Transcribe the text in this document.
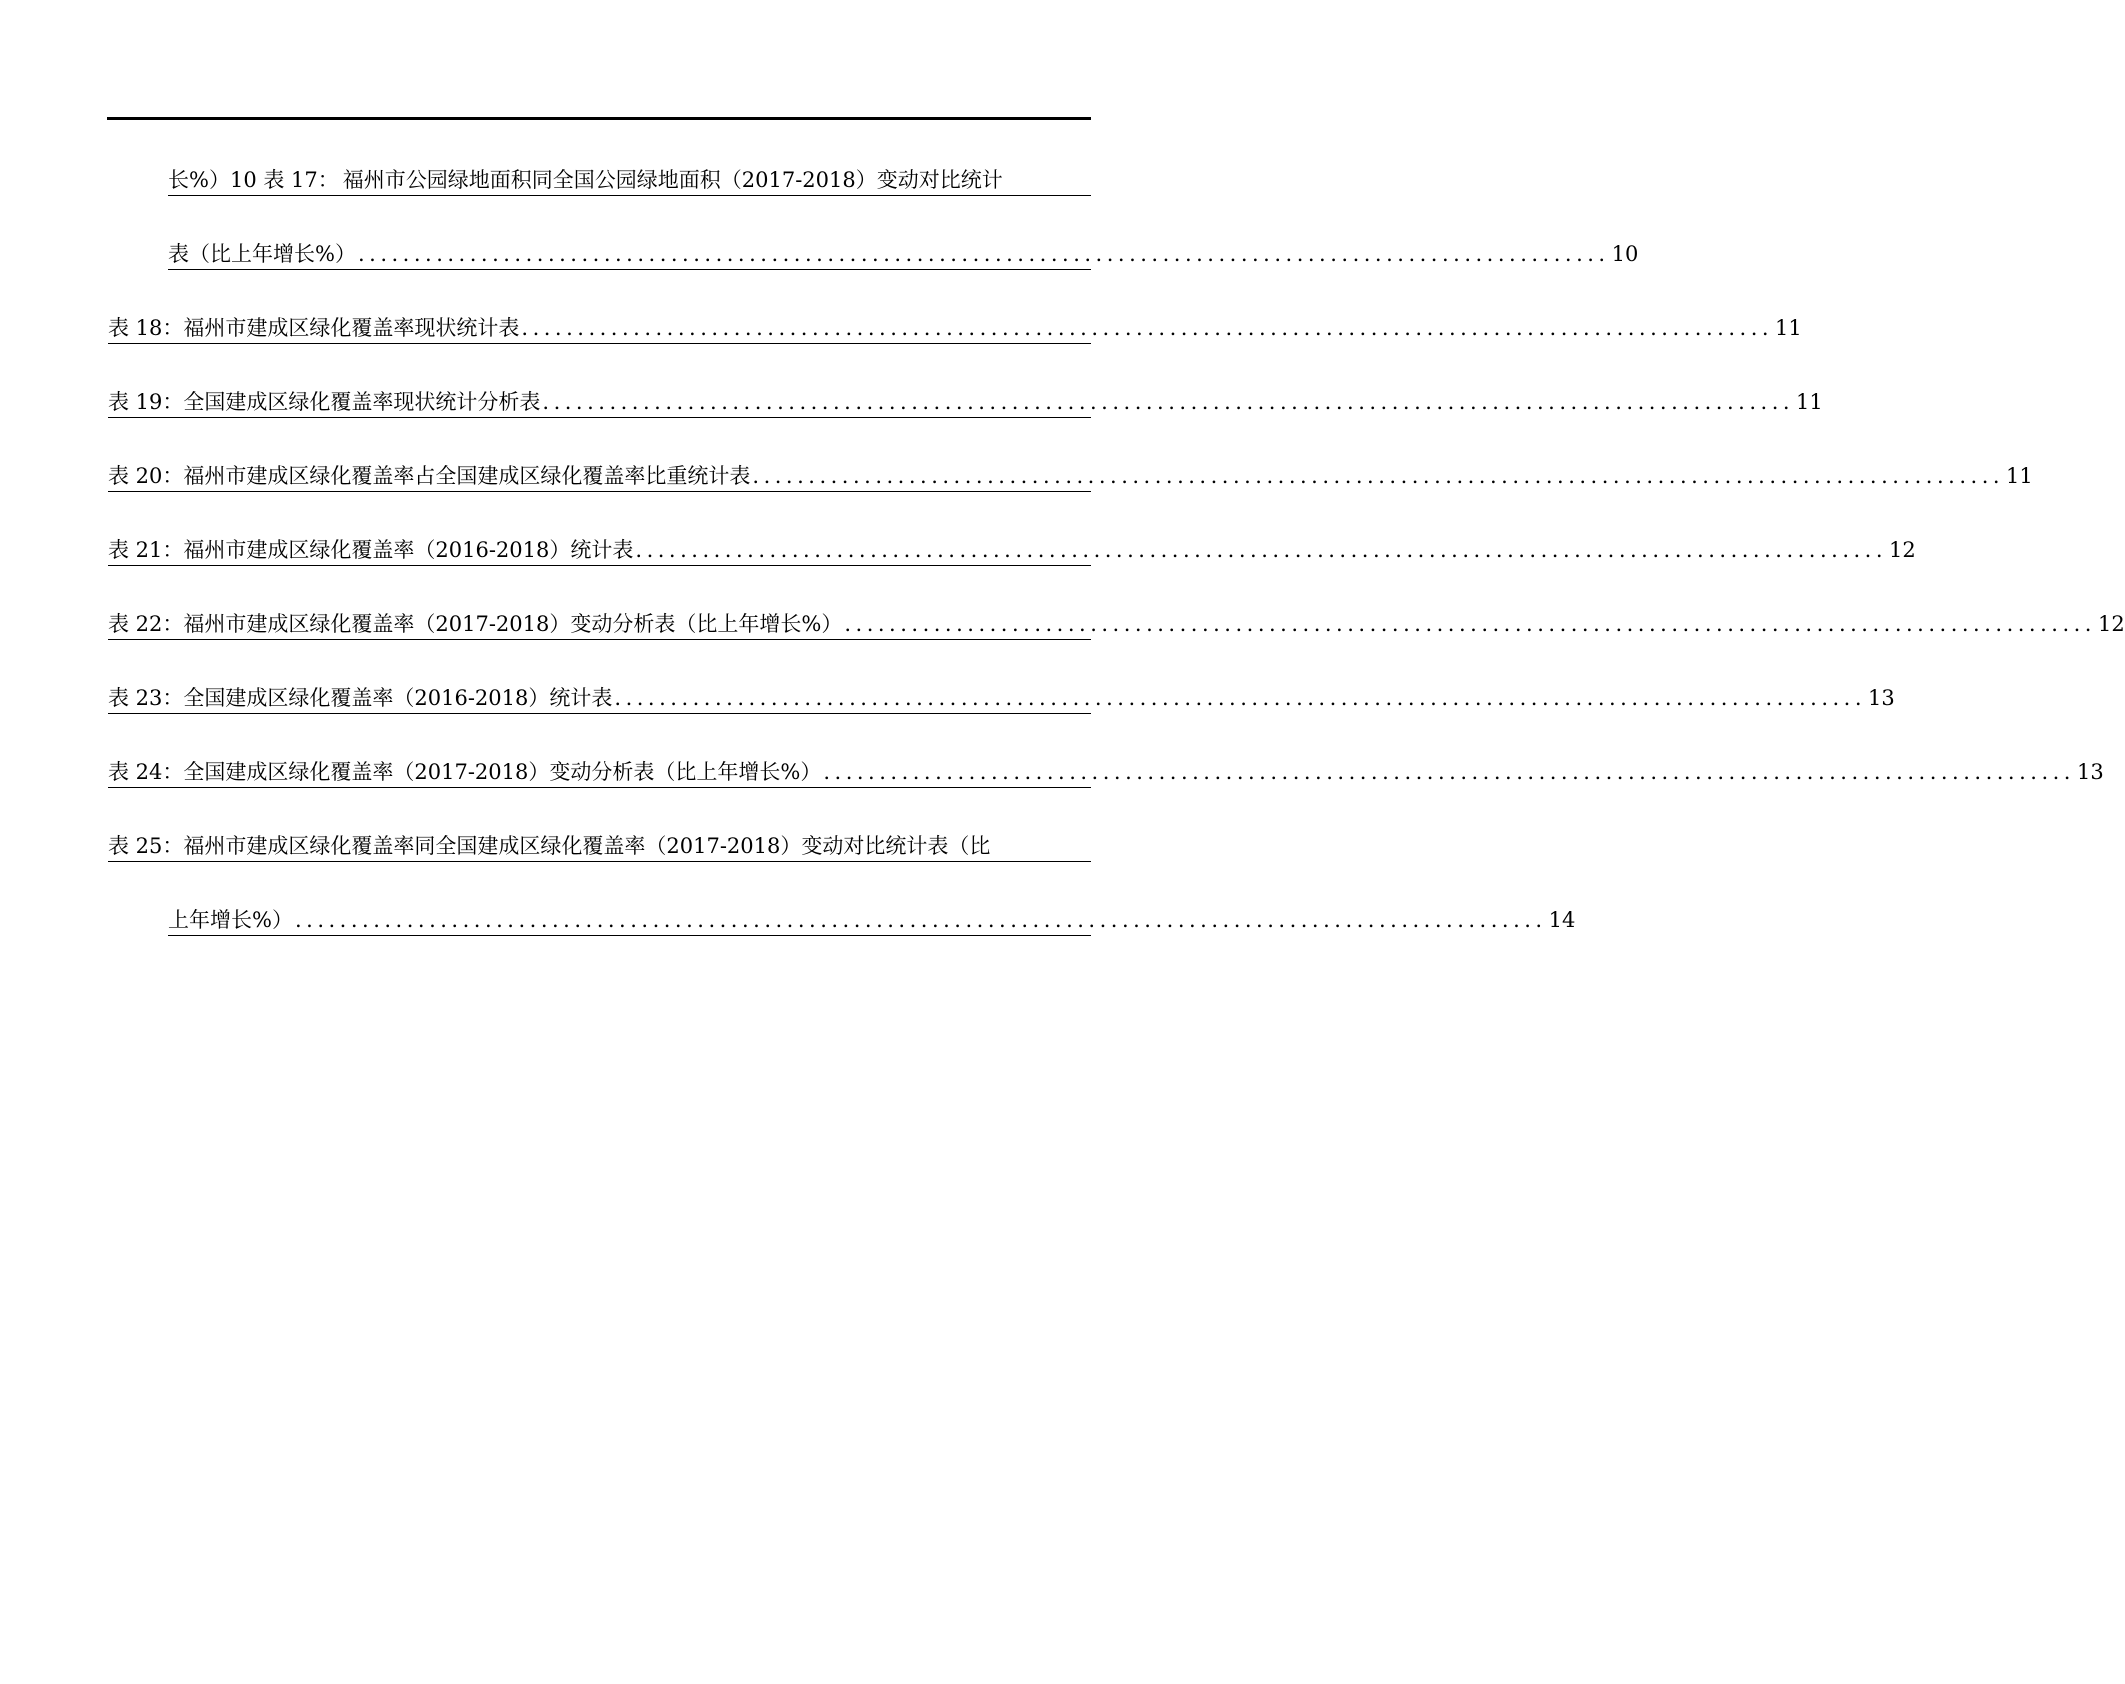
长%）10 表 17： 福州市公园绿地面积同全国公园绿地面积（2017-2018）变动对比统计
表（比上年增长%） ................................................................................................................ 10
表 18：福州市建成区绿化覆盖率现状统计表 ................................................................................................................ 11
表 19：全国建成区绿化覆盖率现状统计分析表 ................................................................................................................ 11
表 20：福州市建成区绿化覆盖率占全国建成区绿化覆盖率比重统计表 ................................................................................................................ 11
表 21：福州市建成区绿化覆盖率（2016-2018）统计表 ................................................................................................................ 12
表 22：福州市建成区绿化覆盖率（2017-2018）变动分析表（比上年增长%） ................................................................................................................ 12
表 23：全国建成区绿化覆盖率（2016-2018）统计表 ................................................................................................................ 13
表 24：全国建成区绿化覆盖率（2017-2018）变动分析表（比上年增长%） ................................................................................................................ 13
表 25：福州市建成区绿化覆盖率同全国建成区绿化覆盖率（2017-2018）变动对比统计表（比
上年增长%） ................................................................................................................ 14
